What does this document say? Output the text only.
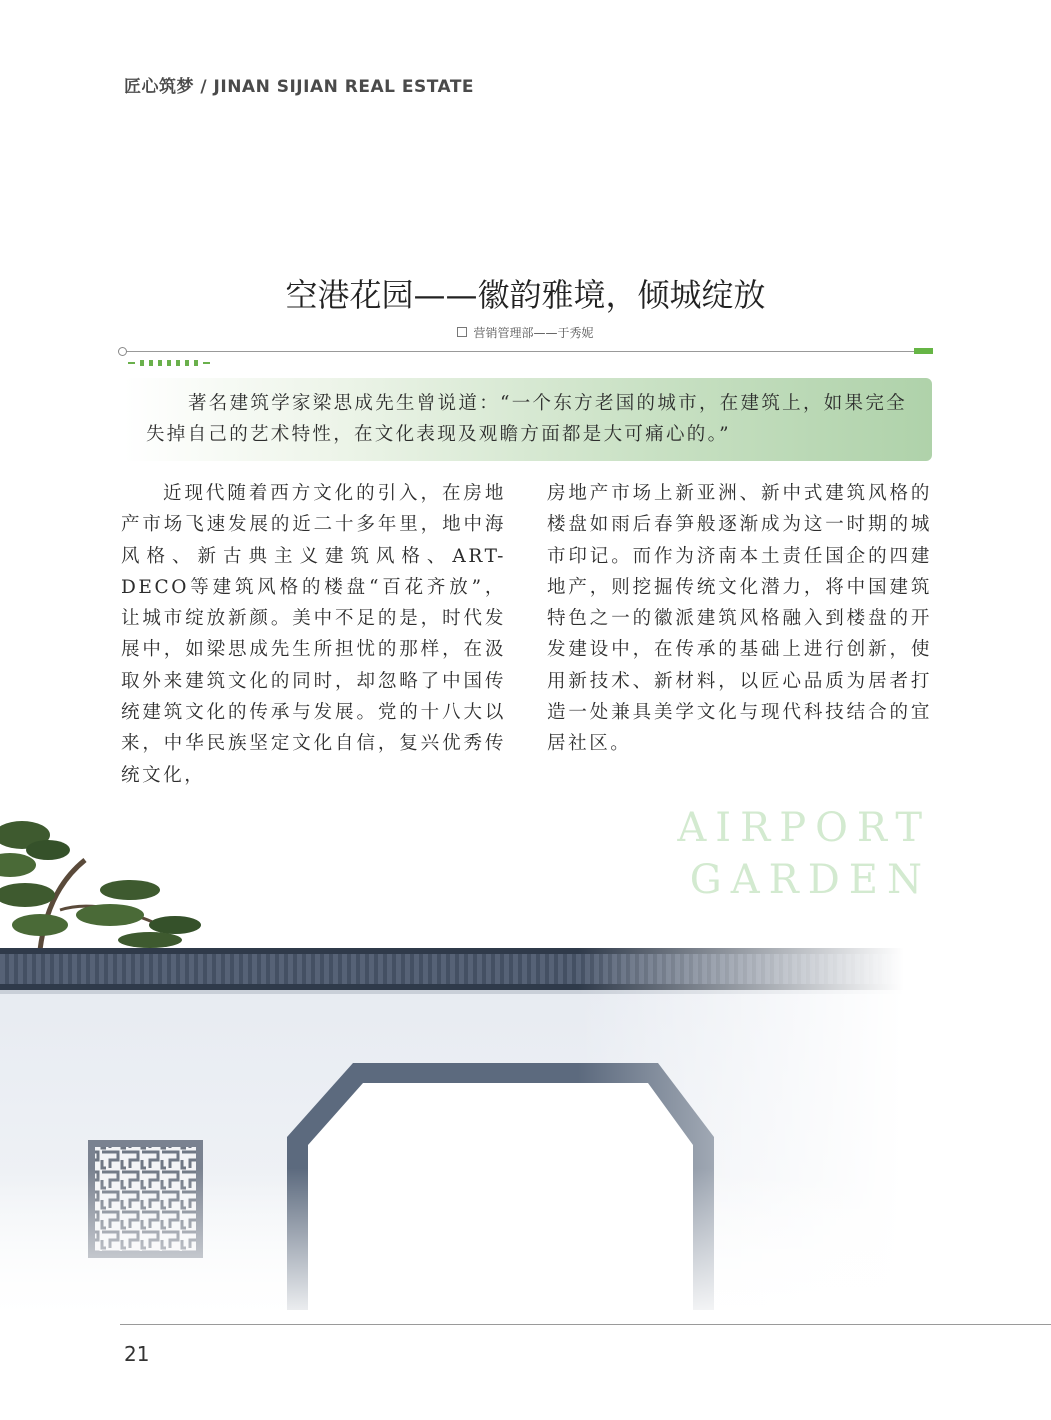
匠心筑梦 / JINAN SIJIAN REAL ESTATE
空港花园——徽韵雅境，倾城绽放
营销管理部——于秀妮
著名建筑学家梁思成先生曾说道：“一个东方老国的城市，在建筑上，如果完全失掉自己的艺术特性，在文化表现及观瞻方面都是大可痛心的。”
近现代随着西方文化的引入，在房地产市场飞速发展的近二十多年里，地中海风格、新古典主义建筑风格、ART-DECO等建筑风格的楼盘“百花齐放”，让城市绽放新颜。美中不足的是，时代发展中，如梁思成先生所担忧的那样，在汲取外来建筑文化的同时，却忽略了中国传统建筑文化的传承与发展。党的十八大以来，中华民族坚定文化自信，复兴优秀传统文化，
房地产市场上新亚洲、新中式建筑风格的楼盘如雨后春笋般逐渐成为这一时期的城市印记。而作为济南本土责任国企的四建地产，则挖掘传统文化潜力，将中国建筑特色之一的徽派建筑风格融入到楼盘的开发建设中，在传承的基础上进行创新，使用新技术、新材料，以匠心品质为居者打造一处兼具美学文化与现代科技结合的宜居社区。
AIRPORT
GARDEN
21
